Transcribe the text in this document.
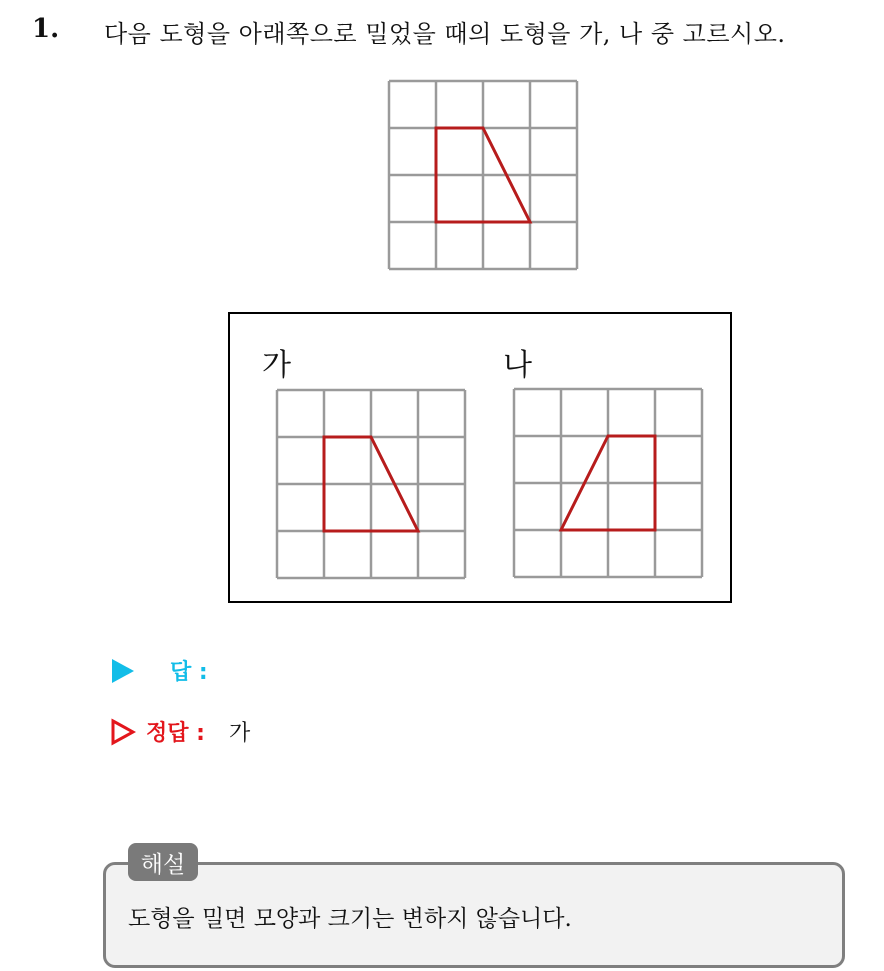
1. 다음 도형을 아래쪽으로 밀었을 때의 도형을 가, 나 중 고르시오.
가	나
답 :
정답 : 가
해설
도형을 밀면 모양과 크기는 변하지 않습니다.
